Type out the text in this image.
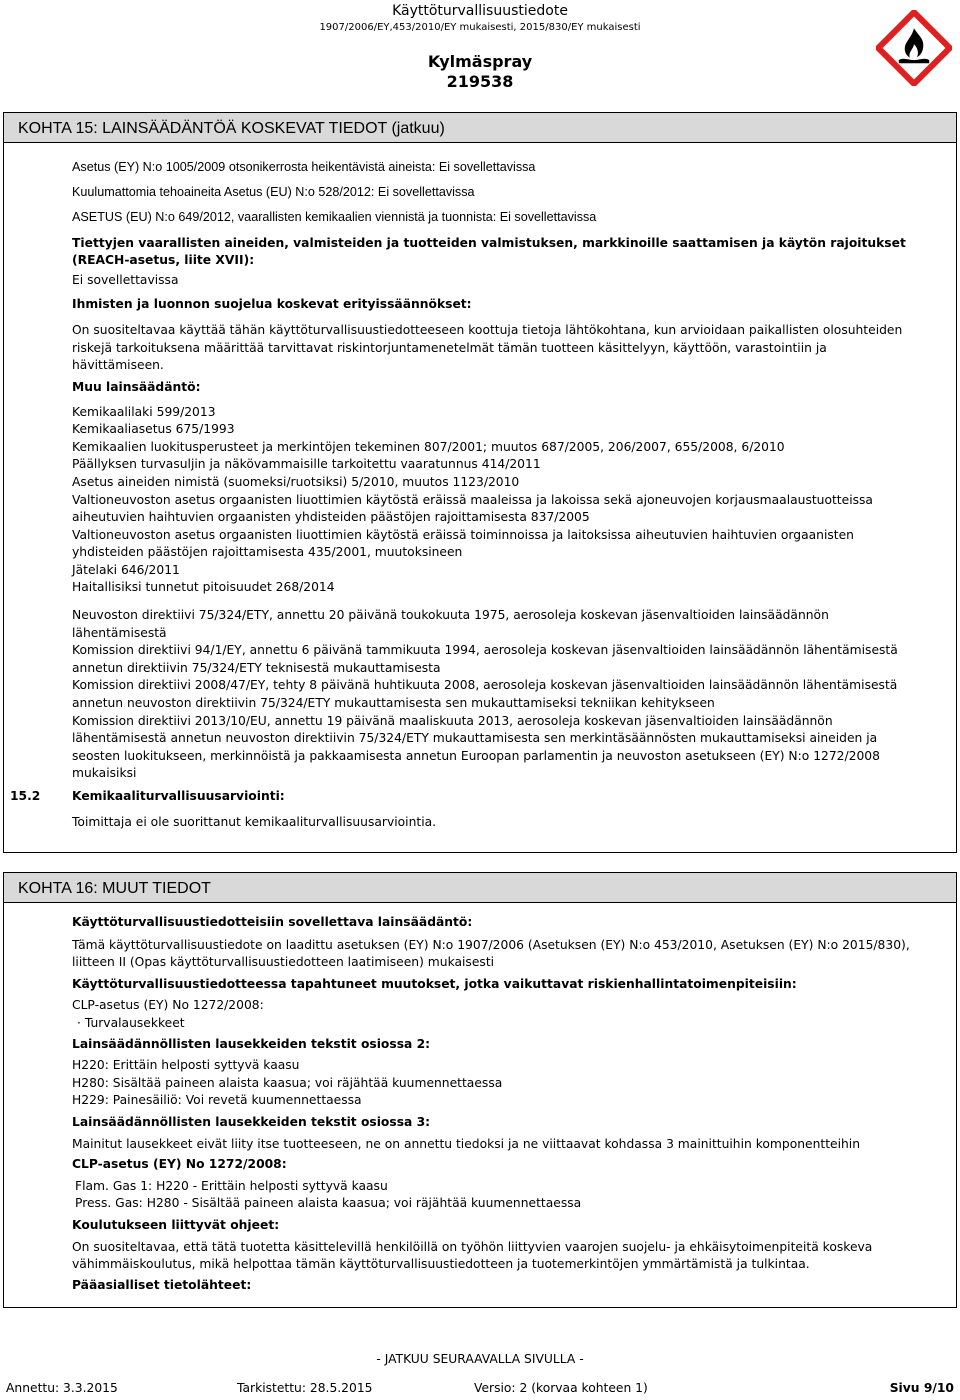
Käyttöturvallisuustiedote
1907/2006/EY,453/2010/EY mukaisesti, 2015/830/EY mukaisesti
Kylmäspray
219538
KOHTA 15: LAINSÄÄDÄNTÖÄ KOSKEVAT TIEDOT (jatkuu)

Asetus (EY) N:o 1005/2009 otsonikerrosta heikentävistä aineista: Ei sovellettavissa

Kuulumattomia tehoaineita Asetus (EU) N:o 528/2012: Ei sovellettavissa

ASETUS (EU) N:o 649/2012, vaarallisten kemikaalien viennistä ja tuonnista: Ei sovellettavissa

Tiettyjen vaarallisten aineiden, valmisteiden ja tuotteiden valmistuksen, markkinoille saattamisen ja käytön rajoitukset (REACH-asetus, liite XVII):

Ei sovellettavissa

Ihmisten ja luonnon suojelua koskevat erityissäännökset:

On suositeltavaa käyttää tähän käyttöturvallisuustiedotteeseen koottuja tietoja lähtökohtana, kun arvioidaan paikallisten olosuhteiden riskejä tarkoituksena määrittää tarvittavat riskintorjuntamenetelmät tämän tuotteen käsittelyyn, käyttöön, varastointiin ja hävittämiseen.

Muu lainsäädäntö:

Kemikaalilaki 599/2013

Kemikaaliasetus 675/1993

Kemikaalien luokitusperusteet ja merkintöjen tekeminen 807/2001; muutos 687/2005, 206/2007, 655/2008, 6/2010

Päällyksen turvasuljin ja näkövammaisille tarkoitettu vaaratunnus 414/2011

Asetus aineiden nimistä (suomeksi/ruotsiksi) 5/2010, muutos 1123/2010

Valtioneuvoston asetus orgaanisten liuottimien käytöstä eräissä maaleissa ja lakoissa sekä ajoneuvojen korjausmaalaustuotteissa aiheutuvien haihtuvien orgaanisten yhdisteiden päästöjen rajoittamisesta 837/2005

Valtioneuvoston asetus orgaanisten liuottimien käytöstä eräissä toiminnoissa ja laitoksissa aiheutuvien haihtuvien orgaanisten yhdisteiden päästöjen rajoittamisesta 435/2001, muutoksineen

Jätelaki 646/2011

Haitallisiksi tunnetut pitoisuudet 268/2014

Neuvoston direktiivi 75/324/ETY, annettu 20 päivänä toukokuuta 1975, aerosoleja koskevan jäsenvaltioiden lainsäädännön lähentämisestä

Komission direktiivi 94/1/EY, annettu 6 päivänä tammikuuta 1994, aerosoleja koskevan jäsenvaltioiden lainsäädännön lähentämisestä annetun direktiivin 75/324/ETY teknisestä mukauttamisesta

Komission direktiivi 2008/47/EY, tehty 8 päivänä huhtikuuta 2008, aerosoleja koskevan jäsenvaltioiden lainsäädännön lähentämisestä annetun neuvoston direktiivin 75/324/ETY mukauttamisesta sen mukauttamiseksi tekniikan kehitykseen

Komission direktiivi 2013/10/EU, annettu 19 päivänä maaliskuuta 2013, aerosoleja koskevan jäsenvaltioiden lainsäädännön lähentämisestä annetun neuvoston direktiivin 75/324/ETY mukauttamisesta sen merkintäsäännösten mukauttamiseksi aineiden ja seosten luokitukseen, merkinnöistä ja pakkaamisesta annetun Euroopan parlamentin ja neuvoston asetukseen (EY) N:o 1272/2008 mukaisiksi

15.2	Kemikaaliturvallisuusarviointi:

Toimittaja ei ole suorittanut kemikaaliturvallisuusarviointia.

KOHTA 16: MUUT TIEDOT

Käyttöturvallisuustiedotteisiin sovellettava lainsäädäntö:

Tämä käyttöturvallisuustiedote on laadittu asetuksen (EY) N:o 1907/2006 (Asetuksen (EY) N:o 453/2010, Asetuksen (EY) N:o 2015/830), liitteen II (Opas käyttöturvallisuustiedotteen laatimiseen) mukaisesti

Käyttöturvallisuustiedotteessa tapahtuneet muutokset, jotka vaikuttavat riskienhallintatoimenpiteisiin:

CLP-asetus (EY) No 1272/2008:

· Turvalausekkeet

Lainsäädännöllisten lausekkeiden tekstit osiossa 2:

H220: Erittäin helposti syttyvä kaasu

H280: Sisältää paineen alaista kaasua; voi räjähtää kuumennettaessa

H229: Painesäiliö: Voi revetä kuumennettaessa

Lainsäädännöllisten lausekkeiden tekstit osiossa 3:

Mainitut lausekkeet eivät liity itse tuotteeseen, ne on annettu tiedoksi ja ne viittaavat kohdassa 3 mainittuihin komponentteihin

CLP-asetus (EY) No 1272/2008:

Flam. Gas 1: H220 - Erittäin helposti syttyvä kaasu

Press. Gas: H280 - Sisältää paineen alaista kaasua; voi räjähtää kuumennettaessa

Koulutukseen liittyvät ohjeet:

On suositeltavaa, että tätä tuotetta käsittelevillä henkilöillä on työhön liittyvien vaarojen suojelu- ja ehkäisytoimenpiteitä koskeva vähimmäiskoulutus, mikä helpottaa tämän käyttöturvallisuustiedotteen ja tuotemerkintöjen ymmärtämistä ja tulkintaa.

Pääasialliset tietolähteet:

- JATKUU SEURAAVALLA SIVULLA -
Annettu: 3.3.2015	Tarkistettu: 28.5.2015	Versio: 2 (korvaa kohteen 1)	Sivu 9/10
